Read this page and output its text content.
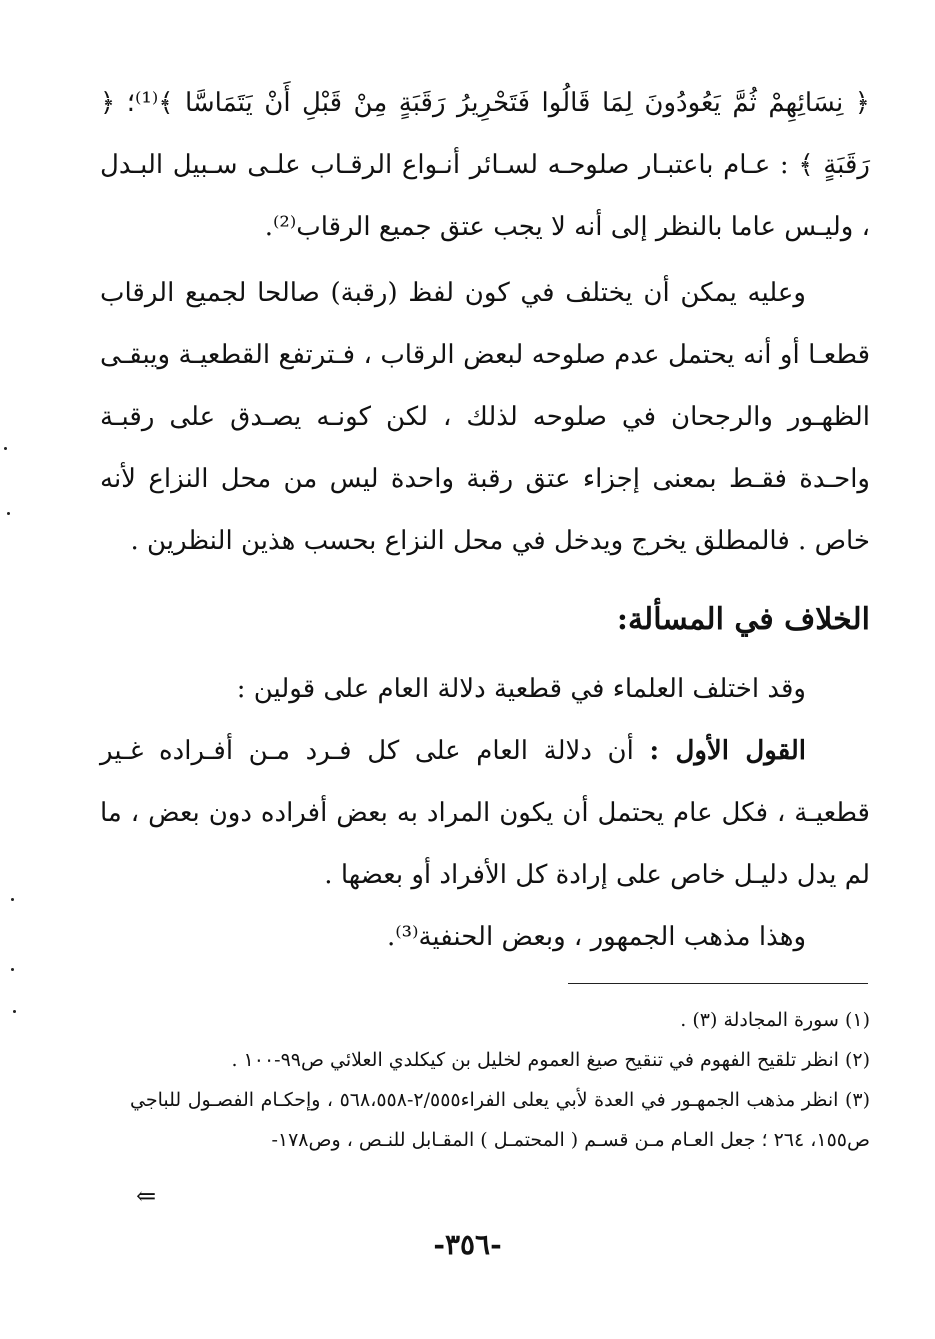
﴿ نِسَائِهِمْ ثُمَّ يَعُودُونَ لِمَا قَالُوا فَتَحْرِيرُ رَقَبَةٍ مِنْ قَبْلِ أَنْ يَتَمَاسَّا ﴾⁽¹⁾؛ ﴿ رَقَبَةٍ ﴾ : عـام باعتبـار صلوحـه لسـائر أنـواع الرقـاب علـى سـبيل البـدل ، وليـس عاما بالنظر إلى أنه لا يجب عتق جميع الرقاب⁽²⁾.

وعليه يمكن أن يختلف في كون لفظ (رقبة) صالحا لجميع الرقاب قطعـا أو أنه يحتمل عدم صلوحه لبعض الرقاب ، فـترتفع القطعيـة ويبقـى الظهـور والرجحان في صلوحه لذلك ، لكن كونـه يصـدق على رقبـة واحـدة فقـط بمعنى إجزاء عتق رقبة واحدة ليس من محل النزاع لأنه خاص . فالمطلق يخرج ويدخل في محل النزاع بحسب هذين النظرين .

الخلاف في المسألة:

وقد اختلف العلماء في قطعية دلالة العام على قولين :

القول الأول : أن دلالة العام على كل فـرد مـن أفـراده غـير قطعيـة ، فكل عام يحتمل أن يكون المراد به بعض أفراده دون بعض ، ما لم يدل دليـل خاص على إرادة كل الأفراد أو بعضها .

وهذا مذهب الجمهور ، وبعض الحنفية⁽³⁾.

(١) سورة المجادلة (٣) .

(٢) انظر تلقيح الفهوم في تنقيح صيغ العموم لخليل بن كيكلدي العلائي ص٩٩-١٠٠ .

(٣) انظر مذهب الجمهـور في العدة لأبي يعلى الفراء٢/٥٥٥-٥٦٨،٥٥٨ ، وإحكـام الفصـول للباجي ص١٥٥، ٢٦٤ ؛ جعل العـام مـن قسـم ( المحتمـل ) المقـابل للنـص ، وص١٧٨-

⇐
-٣٥٦-
